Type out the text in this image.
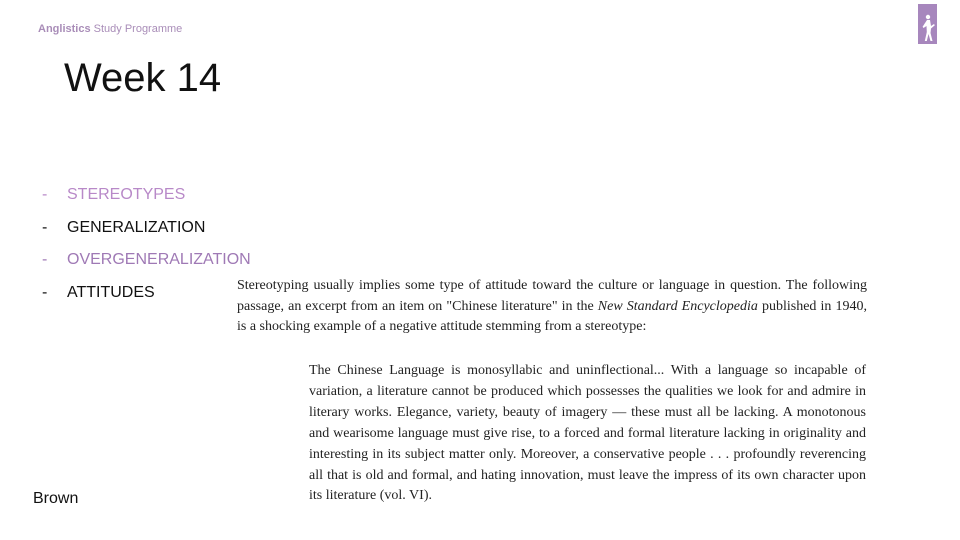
Anglistics Study Programme
Week 14
- STEREOTYPES
- GENERALIZATION
- OVERGENERALIZATION
- ATTITUDES	Stereotyping usually implies some type of attitude toward the culture or language in question. The following passage, an excerpt from an item on "Chinese literature" in the New Standard Encyclopedia published in 1940, is a shocking example of a negative attitude stemming from a stereotype:
The Chinese Language is monosyllabic and uninflectional... With a language so incapable of variation, a literature cannot be produced which possesses the qualities we look for and admire in literary works. Elegance, variety, beauty of imagery — these must all be lacking. A monotonous and wearisome language must give rise, to a forced and formal literature lacking in originality and interesting in its subject matter only. Moreover, a conservative people . . . profoundly reverencing all that is old and formal, and hating innovation, must leave the impress of its own character upon its literature (vol. VI).
Brown
